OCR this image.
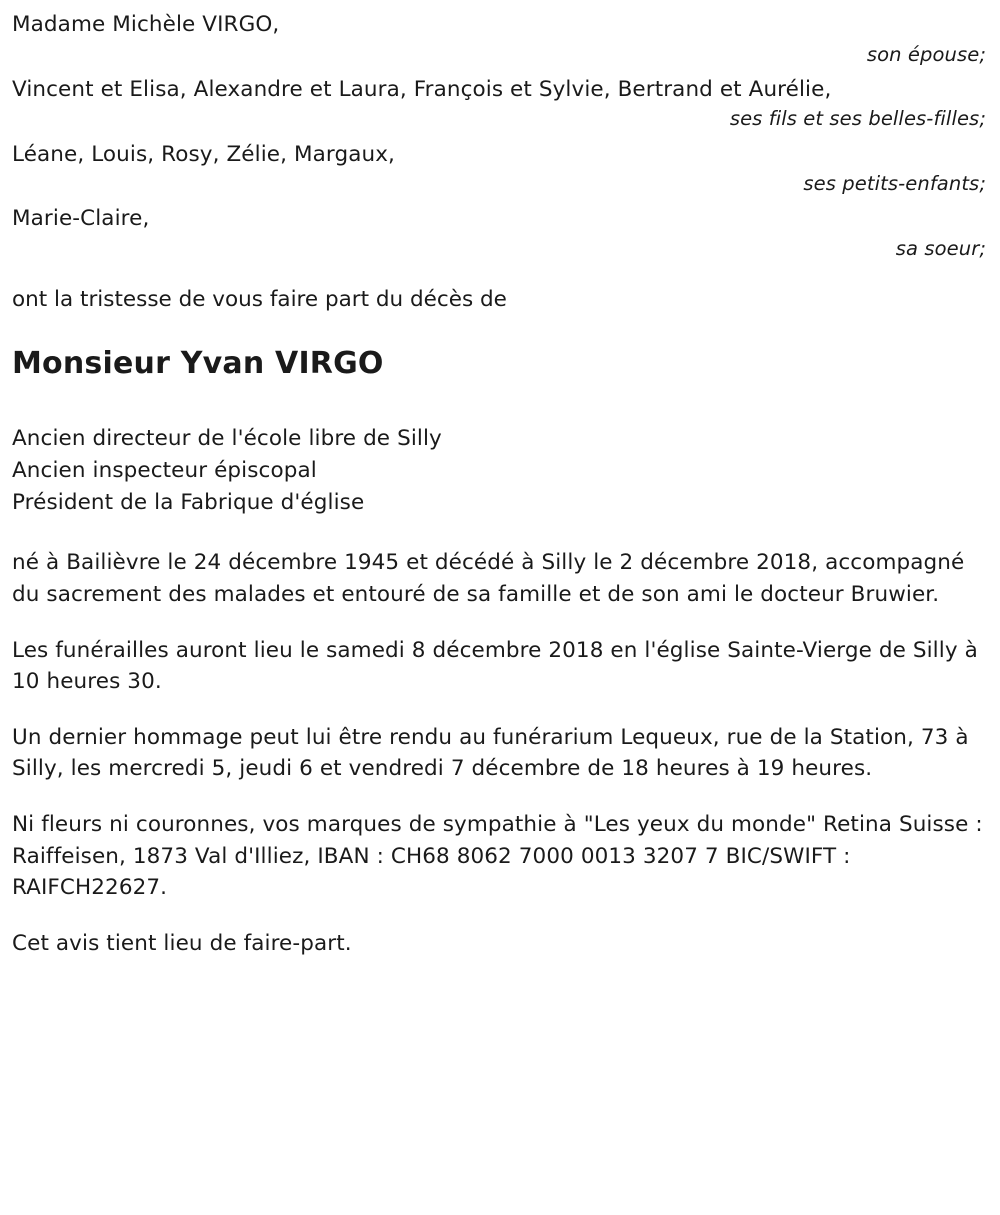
Madame Michèle VIRGO,
son épouse;
Vincent et Elisa, Alexandre et Laura, François et Sylvie, Bertrand et Aurélie,
ses fils et ses belles-filles;
Léane, Louis, Rosy, Zélie, Margaux,
ses petits-enfants;
Marie-Claire,
sa soeur;
ont la tristesse de vous faire part du décès de
Monsieur Yvan VIRGO
Ancien directeur de l'école libre de Silly
Ancien inspecteur épiscopal
Président de la Fabrique d'église
né à Bailièvre le 24 décembre 1945 et décédé à Silly le 2 décembre 2018, accompagné du sacrement des malades et entouré de sa famille et de son ami le docteur Bruwier.
Les funérailles auront lieu le samedi 8 décembre 2018 en l'église Sainte-Vierge de Silly à 10 heures 30.
Un dernier hommage peut lui être rendu au funérarium Lequeux, rue de la Station, 73 à Silly, les mercredi 5, jeudi 6 et vendredi 7 décembre de 18 heures à 19 heures.
Ni fleurs ni couronnes, vos marques de sympathie à "Les yeux du monde" Retina Suisse : Raiffeisen, 1873 Val d'Illiez, IBAN : CH68 8062 7000 0013 3207 7 BIC/SWIFT : RAIFCH22627.
Cet avis tient lieu de faire-part.
